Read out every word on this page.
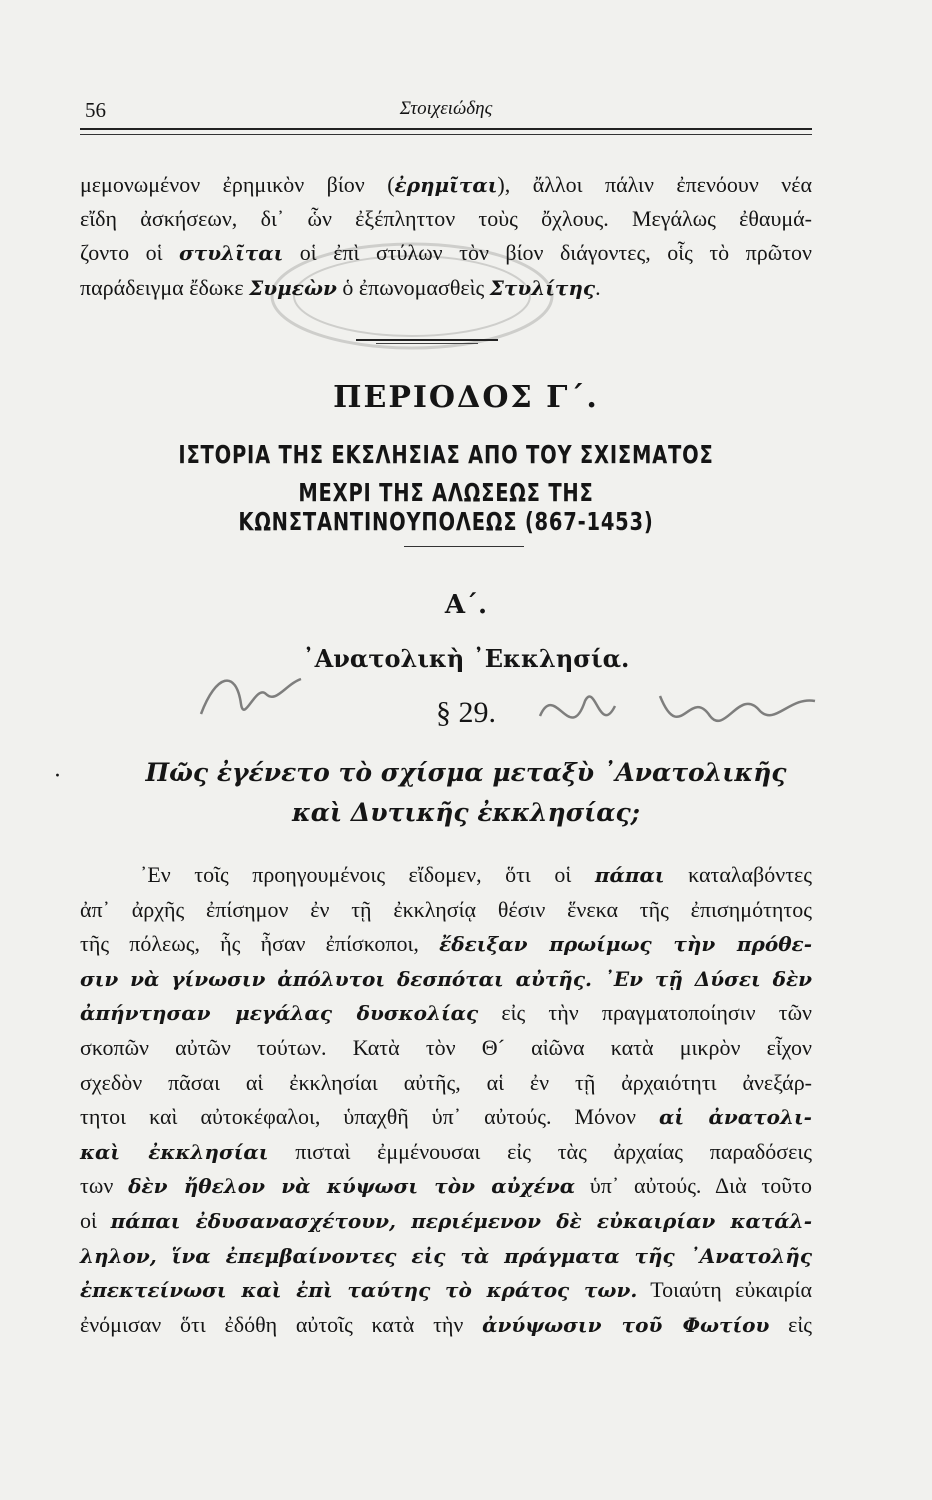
56	Στοιχειώδης
μεμονωμένον ἐρημικὸν βίον (ἐρημῖται), ἄλλοι πάλιν ἐπενόουν νέα
εἴδη ἀσκήσεων, δι᾽ ὧν ἐξέπληττον τοὺς ὄχλους. Μεγάλως ἐθαυμά-
ζοντο οἱ στυλῖται οἱ ἐπὶ στύλων τὸν βίον διάγοντες, οἷς τὸ πρῶτον
παράδειγμα ἔδωκε Συμεὼν ὁ ἐπωνομασθεὶς Στυλίτης.
ΠΕΡΙΟΔΟΣ Γ΄.
ΙΣΤΟΡΙΑ ΤΗΣ ΕΚΣΛΗΣΙΑΣ ΑΠΟ ΤΟΥ ΣΧΙΣΜΑΤΟΣ
ΜΕΧΡΙ ΤΗΣ ΑΛΩΣΕΩΣ ΤΗΣ ΚΩΝΣΤΑΝΤΙΝΟΥΠΟΛΕΩΣ (867-1453)
Α΄.
᾿Ανατολικὴ ᾿Εκκλησία.
§ 29.
·	Πῶς ἐγένετο τὸ σχίσμα μεταξὺ ᾿Ανατολικῆς
καὶ Δυτικῆς ἐκκλησίας;
᾿Εν τοῖς προηγουμένοις εἴδομεν, ὅτι οἱ πάπαι καταλαβόντες
ἀπ᾽ ἀρχῆς ἐπίσημον ἐν τῇ ἐκκλησίᾳ θέσιν ἕνεκα τῆς ἐπισημότητος
τῆς πόλεως, ἧς ἦσαν ἐπίσκοποι, ἔδειξαν πρωίμως τὴν πρόθε-
σιν νὰ γίνωσιν ἀπόλυτοι δεσπόται αὐτῆς. ᾿Εν τῇ Δύσει δὲν
ἀπήντησαν μεγάλας δυσκολίας εἰς τὴν πραγματοποίησιν τῶν
σκοπῶν αὐτῶν τούτων. Κατὰ τὸν Θ´ αἰῶνα κατὰ μικρὸν εἶχον
σχεδὸν πᾶσαι αἱ ἐκκλησίαι αὐτῆς, αἱ ἐν τῇ ἀρχαιότητι ἀνεξάρ-
τητοι καὶ αὐτοκέφαλοι, ὑπαχθῆ ὑπ᾽ αὐτούς. Μόνον αἱ ἀνατολι-
καὶ ἐκκλησίαι πισταὶ ἐμμένουσαι εἰς τὰς ἀρχαίας παραδόσεις
των δὲν ἤθελον νὰ κύψωσι τὸν αὐχένα ὑπ᾽ αὐτούς. Διὰ τοῦτο
οἱ πάπαι ἐδυσανασχέτουν, περιέμενον δὲ εὐκαιρίαν κατάλ-
ληλον, ἵνα ἐπεμβαίνοντες εἰς τὰ πράγματα τῆς ᾿Ανατολῆς
ἐπεκτείνωσι καὶ ἐπὶ ταύτης τὸ κράτος των. Τοιαύτη εὐκαιρία
ἐνόμισαν ὅτι ἐδόθη αὐτοῖς κατὰ τὴν ἀνύψωσιν τοῦ Φωτίου εἰς
